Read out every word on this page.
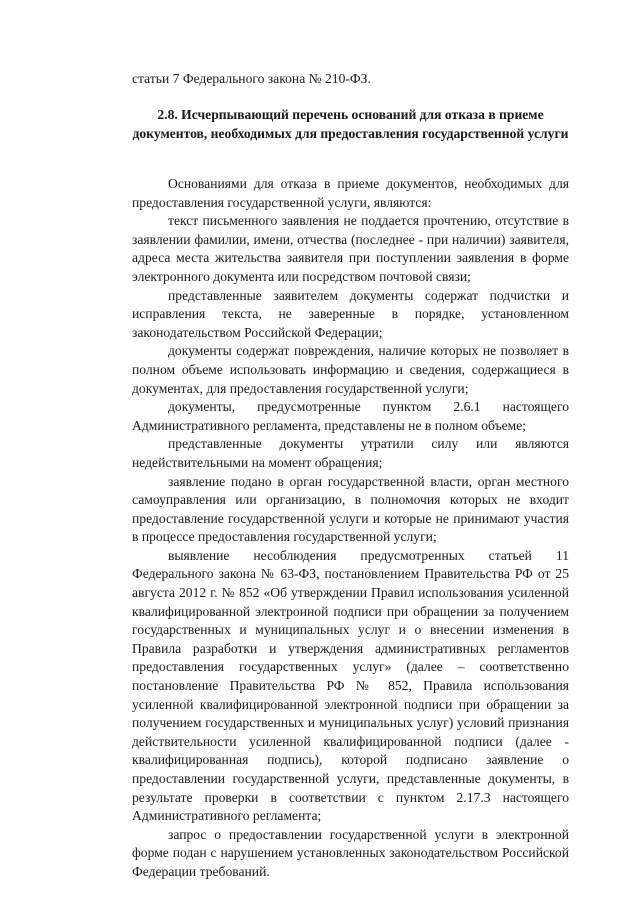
статьи 7 Федерального закона № 210-ФЗ.
2.8. Исчерпывающий перечень оснований для отказа в приеме документов, необходимых для предоставления государственной услуги

Основаниями для отказа в приеме документов, необходимых для предоставления государственной услуги, являются:

текст письменного заявления не поддается прочтению, отсутствие в заявлении фамилии, имени, отчества (последнее - при наличии) заявителя, адреса места жительства заявителя при поступлении заявления в форме электронного документа или посредством почтовой связи;

представленные заявителем документы содержат подчистки и исправления текста, не заверенные в порядке, установленном законодательством Российской Федерации;

документы содержат повреждения, наличие которых не позволяет в полном объеме использовать информацию и сведения, содержащиеся в документах, для предоставления государственной услуги;

документы, предусмотренные пунктом 2.6.1 настоящего Административного регламента, представлены не в полном объеме;

представленные документы утратили силу или являются недействительными на момент обращения;

заявление подано в орган государственной власти, орган местного самоуправления или организацию, в полномочия которых не входит предоставление государственной услуги и которые не принимают участия в процессе предоставления государственной услуги;

выявление несоблюдения предусмотренных статьей 11 Федерального закона № 63-ФЗ, постановлением Правительства РФ от 25 августа 2012 г. № 852 «Об утверждении Правил использования усиленной квалифицированной электронной подписи при обращении за получением государственных и муниципальных услуг и о внесении изменения в Правила разработки и утверждения административных регламентов предоставления государственных услуг» (далее – соответственно постановление Правительства РФ № 852, Правила использования усиленной квалифицированной электронной подписи при обращении за получением государственных и муниципальных услуг) условий признания действительности усиленной квалифицированной подписи (далее - квалифицированная подпись), которой подписано заявление о предоставлении государственной услуги, представленные документы, в результате проверки в соответствии с пунктом 2.17.3 настоящего Административного регламента;

запрос о предоставлении государственной услуги в электронной форме подан с нарушением установленных законодательством Российской Федерации требований.
